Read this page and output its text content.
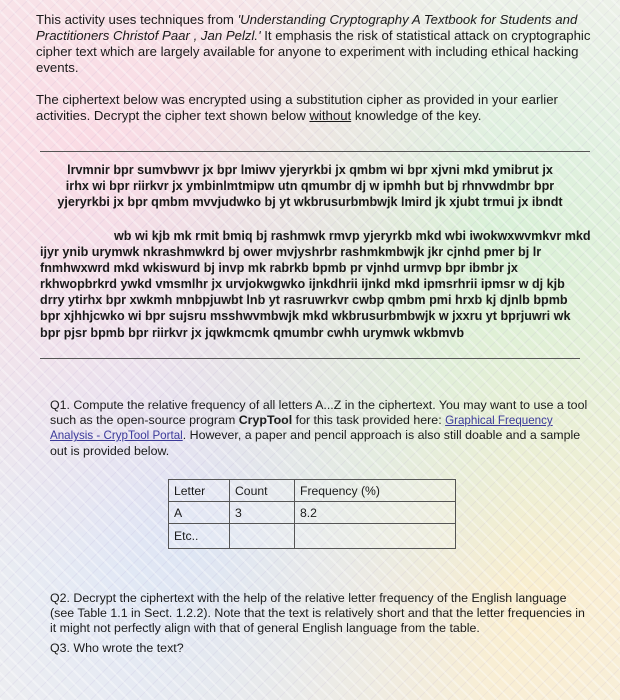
This activity uses techniques from 'Understanding Cryptography A Textbook for Students and Practitioners Christof Paar , Jan Pelzl.' It emphasis the risk of statistical attack on cryptographic cipher text which are largely available for anyone to experiment with including ethical hacking events.

The ciphertext below was encrypted using a substitution cipher as provided in your earlier activities. Decrypt the cipher text shown below without knowledge of the key.

lrvmnir bpr sumvbwvr jx bpr lmiwv yjeryrkbi jx qmbm wi bpr xjvni mkd ymibrut jx
irhx wi bpr riirkvr jx ymbinlmtmipw utn qmumbr dj w ipmhh but bj rhnvwdmbr bpr
yjeryrkbi jx bpr qmbm mvvjudwko bj yt wkbrusurbmbwjk lmird jk xjubt trmui jx ibndt
wb wi kjb mk rmit bmiq bj rashmwk rmvp yjeryrkb mkd wbi iwokwxwvmkvr mkd
ijyr ynib urymwk nkrashmwkrd bj ower mvjyshrbr rashmkmbwjk jkr cjnhd pmer bj lr
fnmhwxwrd mkd wkiswurd bj invp mk rabrkb bpmb pr vjnhd urmvp bpr ibmbr jx
rkhwopbrkrd ywkd vmsmlhr jx urvjokwgwko ijnkdhrii ijnkd mkd ipmsrhrii ipmsr w dj kjb
drry ytirhx bpr xwkmh mnbpjuwbt lnb yt rasruwrkvr cwbp qmbm pmi hrxb kj djnlb bpmb
bpr xjhhjcwko wi bpr sujsru msshwvmbwjk mkd wkbrusurbmbwjk w jxxru yt bprjuwri wk
bpr pjsr bpmb bpr riirkvr jx jqwkmcmk qmumbr cwhh urymwk wkbmvb

Q1. Compute the relative frequency of all letters A...Z in the ciphertext. You may want to use a tool such as the open-source program CrypTool for this task provided here: Graphical Frequency Analysis - CrypTool Portal. However, a paper and pencil approach is also still doable and a sample out is provided below.

Letter	Count	Frequency (%)
A	3	8.2
Etc..		

Q2. Decrypt the ciphertext with the help of the relative letter frequency of the English language (see Table 1.1 in Sect. 1.2.2). Note that the text is relatively short and that the letter frequencies in it might not perfectly align with that of general English language from the table.

Q3. Who wrote the text?
